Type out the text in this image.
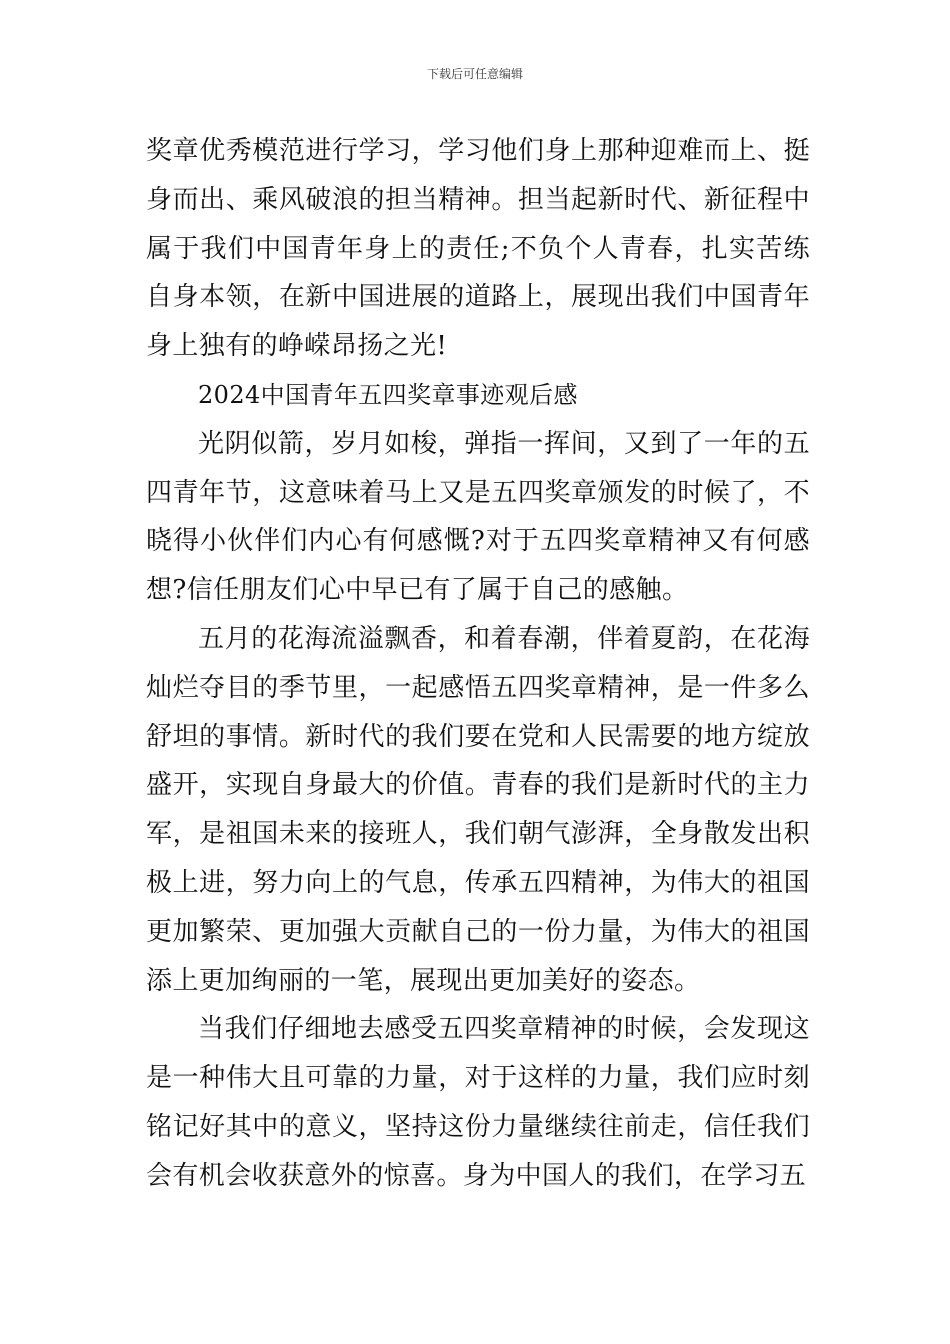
下载后可任意编辑

奖章优秀模范进行学习，学习他们身上那种迎难而上、挺身而出、乘风破浪的担当精神。担当起新时代、新征程中属于我们中国青年身上的责任;不负个人青春，扎实苦练自身本领，在新中国进展的道路上，展现出我们中国青年身上独有的峥嵘昂扬之光!

2024中国青年五四奖章事迹观后感

光阴似箭，岁月如梭，弹指一挥间，又到了一年的五四青年节，这意味着马上又是五四奖章颁发的时候了，不晓得小伙伴们内心有何感慨?对于五四奖章精神又有何感想?信任朋友们心中早已有了属于自己的感触。

五月的花海流溢飘香，和着春潮，伴着夏韵，在花海灿烂夺目的季节里，一起感悟五四奖章精神，是一件多么舒坦的事情。新时代的我们要在党和人民需要的地方绽放盛开，实现自身最大的价值。青春的我们是新时代的主力军，是祖国未来的接班人，我们朝气澎湃，全身散发出积极上进，努力向上的气息，传承五四精神，为伟大的祖国更加繁荣、更加强大贡献自己的一份力量，为伟大的祖国添上更加绚丽的一笔，展现出更加美好的姿态。

当我们仔细地去感受五四奖章精神的时候，会发现这是一种伟大且可靠的力量，对于这样的力量，我们应时刻铭记好其中的意义，坚持这份力量继续往前走，信任我们会有机会收获意外的惊喜。身为中国人的我们，在学习五
